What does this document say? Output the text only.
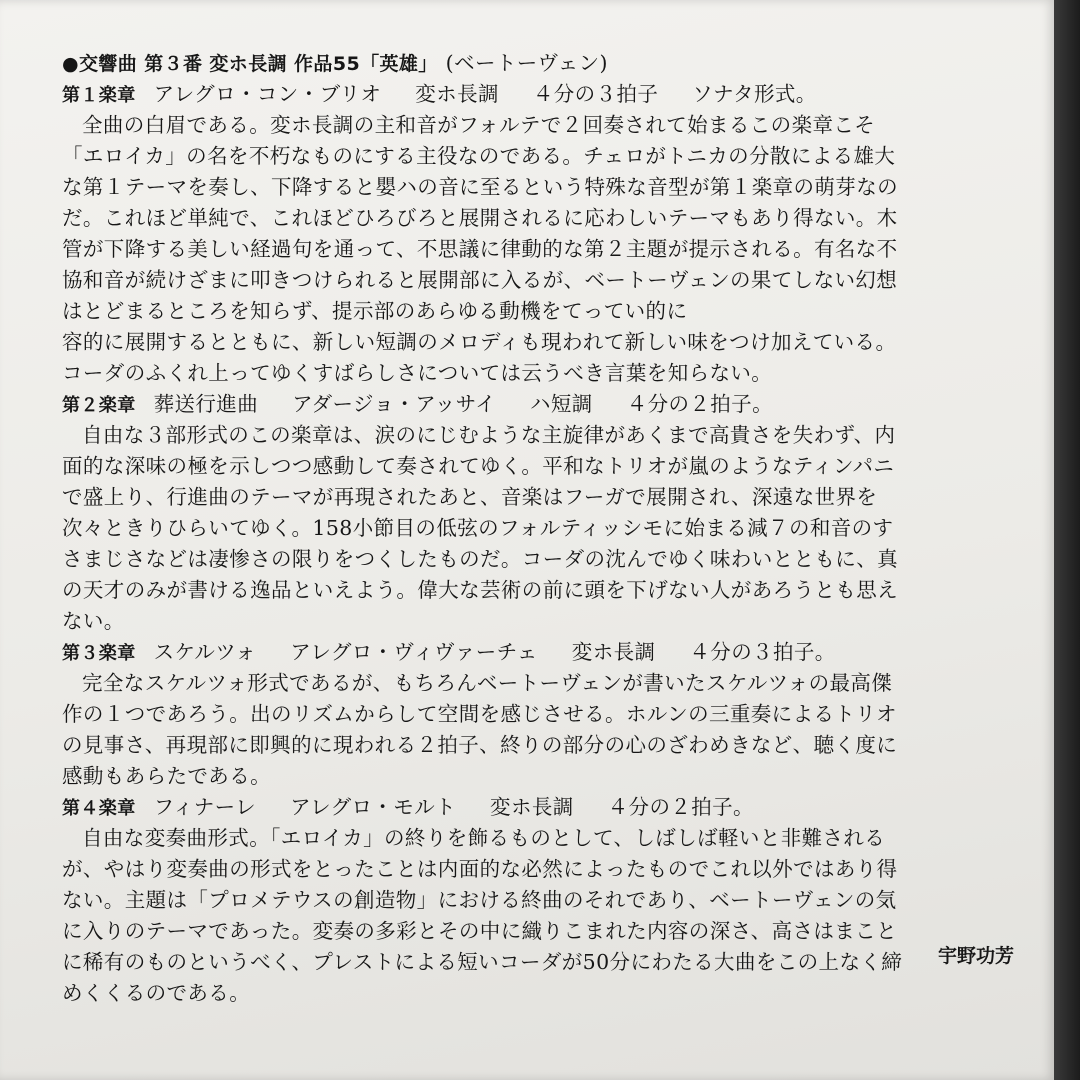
●交響曲 第３番 変ホ長調 作品55「英雄」 (ベートーヴェン)
第１楽章 アレグロ・コン・ブリオ 変ホ長調 ４分の３拍子 ソナタ形式。
全曲の白眉である。変ホ長調の主和音がフォルテで２回奏されて始まるこの楽章こそ
「エロイカ」の名を不朽なものにする主役なのである。チェロがトニカの分散による雄大
な第１テーマを奏し、下降すると嬰ハの音に至るという特殊な音型が第１楽章の萌芽なの
だ。これほど単純で、これほどひろびろと展開されるに応わしいテーマもあり得ない。木
管が下降する美しい経過句を通って、不思議に律動的な第２主題が提示される。有名な不
協和音が続けざまに叩きつけられると展開部に入るが、ベートーヴェンの果てしない幻想
はとどまるところを知らず、提示部のあらゆる動機をてってい的に
容的に展開するとともに、新しい短調のメロディも現われて新しい味をつけ加えている。
コーダのふくれ上ってゆくすばらしさについては云うべき言葉を知らない。
第２楽章 葬送行進曲 アダージョ・アッサイ ハ短調 ４分の２拍子。
自由な３部形式のこの楽章は、涙のにじむような主旋律があくまで高貴さを失わず、内
面的な深味の極を示しつつ感動して奏されてゆく。平和なトリオが嵐のようなティンパニ
で盛上り、行進曲のテーマが再現されたあと、音楽はフーガで展開され、深遠な世界を
次々ときりひらいてゆく。158小節目の低弦のフォルティッシモに始まる減７の和音のす
さまじさなどは凄惨さの限りをつくしたものだ。コーダの沈んでゆく味わいとともに、真
の天才のみが書ける逸品といえよう。偉大な芸術の前に頭を下げない人があろうとも思え
ない。
第３楽章 スケルツォ アレグロ・ヴィヴァーチェ 変ホ長調 ４分の３拍子。
完全なスケルツォ形式であるが、もちろんベートーヴェンが書いたスケルツォの最高傑
作の１つであろう。出のリズムからして空間を感じさせる。ホルンの三重奏によるトリオ
の見事さ、再現部に即興的に現われる２拍子、終りの部分の心のざわめきなど、聴く度に
感動もあらたである。
第４楽章 フィナーレ アレグロ・モルト 変ホ長調 ４分の２拍子。
自由な変奏曲形式。「エロイカ」の終りを飾るものとして、しばしば軽いと非難される
が、やはり変奏曲の形式をとったことは内面的な必然によったものでこれ以外ではあり得
ない。主題は「プロメテウスの創造物」における終曲のそれであり、ベートーヴェンの気
に入りのテーマであった。変奏の多彩とその中に織りこまれた内容の深さ、高さはまこと
に稀有のものというべく、プレストによる短いコーダが50分にわたる大曲をこの上なく締
めくくるのである。
宇野功芳
